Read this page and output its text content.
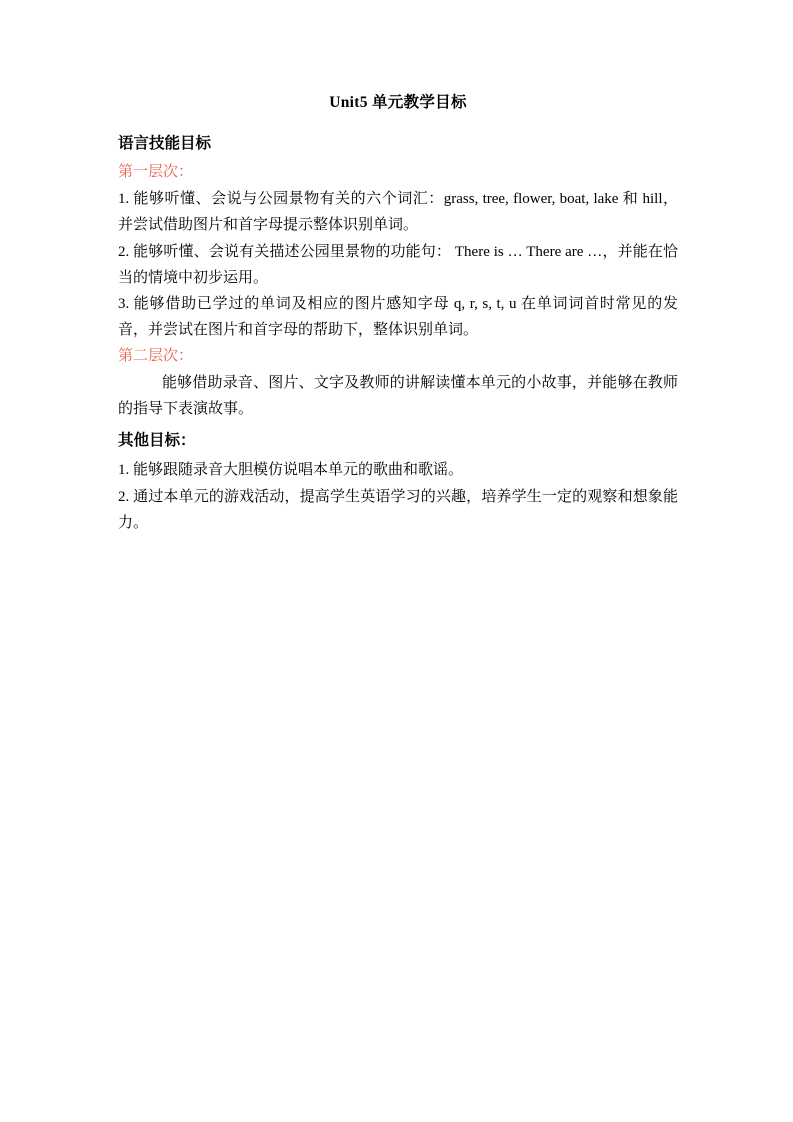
Unit5 单元教学目标
语言技能目标
第一层次：
1. 能够听懂、会说与公园景物有关的六个词汇：grass, tree, flower, boat, lake 和 hill，并尝试借助图片和首字母提示整体识别单词。
2. 能够听懂、会说有关描述公园里景物的功能句： There is … There are …，并能在恰当的情境中初步运用。
3. 能够借助已学过的单词及相应的图片感知字母 q, r, s, t, u 在单词词首时常见的发音，并尝试在图片和首字母的帮助下，整体识别单词。
第二层次：
能够借助录音、图片、文字及教师的讲解读懂本单元的小故事，并能够在教师的指导下表演故事。
其他目标：
1. 能够跟随录音大胆模仿说唱本单元的歌曲和歌谣。
2. 通过本单元的游戏活动，提高学生英语学习的兴趣，培养学生一定的观察和想象能力。
